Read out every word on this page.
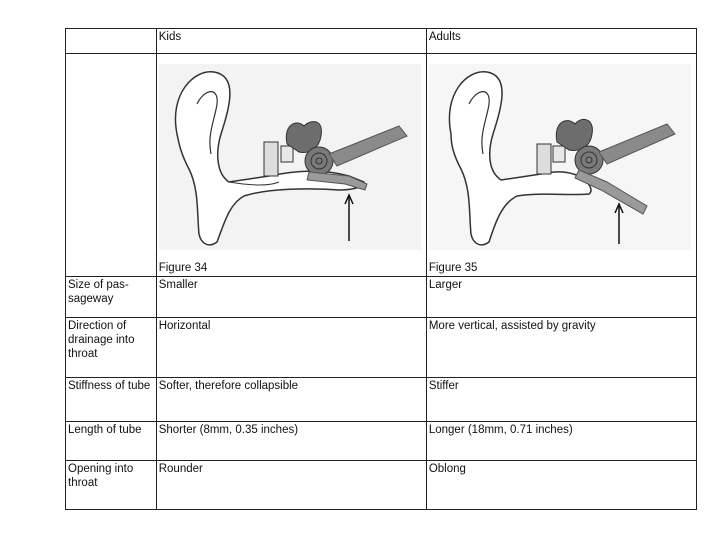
	Kids	Adults

	Figure 34	Figure 35

Size of pas-sageway	Smaller	Larger
Direction of drainage into throat	Horizontal	More vertical, assisted by gravity
Stiffness of tube	Softer, therefore collapsible	Stiffer
Length of tube	Shorter (8mm, 0.35 inches)	Longer (18mm, 0.71 inches)
Opening into throat	Rounder	Oblong
